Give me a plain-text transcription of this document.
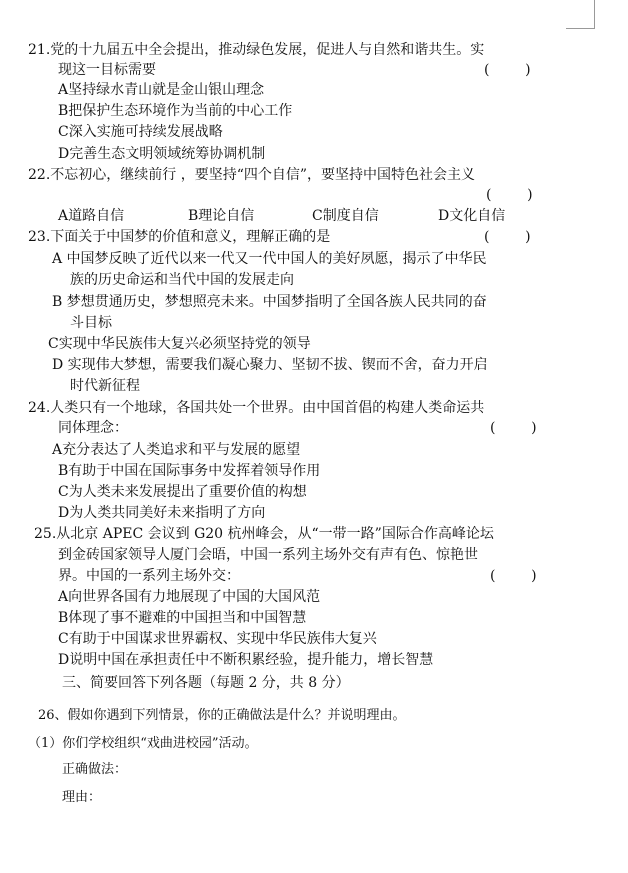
21.党的十九届五中全会提出，推动绿色发展，促进人与自然和谐共生。实
现这一目标需要	(        )
A坚持绿水青山就是金山银山理念
B把保护生态环境作为当前的中心工作
C深入实施可持续发展战略
D完善生态文明领域统筹协调机制
22.不忘初心，继续前行 ，要坚持“四个自信”，要坚持中国特色社会主义
(        )
A道路自信	B理论自信	C制度自信	D文化自信
23.下面关于中国梦的价值和意义，理解正确的是	(        )
A 中国梦反映了近代以来一代又一代中国人的美好夙愿，揭示了中华民
族的历史命运和当代中国的发展走向
B 梦想贯通历史，梦想照亮未来。中国梦指明了全国各族人民共同的奋
斗目标
C实现中华民族伟大复兴必须坚持党的领导
D 实现伟大梦想，需要我们凝心聚力、坚韧不拔、锲而不舍，奋力开启
时代新征程
24.人类只有一个地球，各国共处一个世界。由中国首倡的构建人类命运共
同体理念：	(        )
A充分表达了人类追求和平与发展的愿望
B有助于中国在国际事务中发挥着领导作用
C为人类未来发展提出了重要价值的构想
D为人类共同美好未来指明了方向
25.从北京 APEC 会议到 G20 杭州峰会，从“一带一路”国际合作高峰论坛
到金砖国家领导人厦门会晤，中国一系列主场外交有声有色、惊艳世
界。中国的一系列主场外交：	(        )
A向世界各国有力地展现了中国的大国风范
B体现了事不避难的中国担当和中国智慧
C有助于中国谋求世界霸权、实现中华民族伟大复兴
D说明中国在承担责任中不断积累经验，提升能力，增长智慧
三、简要回答下列各题（每题 2 分，共 8 分）
26、假如你遇到下列情景，你的正确做法是什么？并说明理由。
（1）你们学校组织“戏曲进校园”活动。
正确做法：
理由：
